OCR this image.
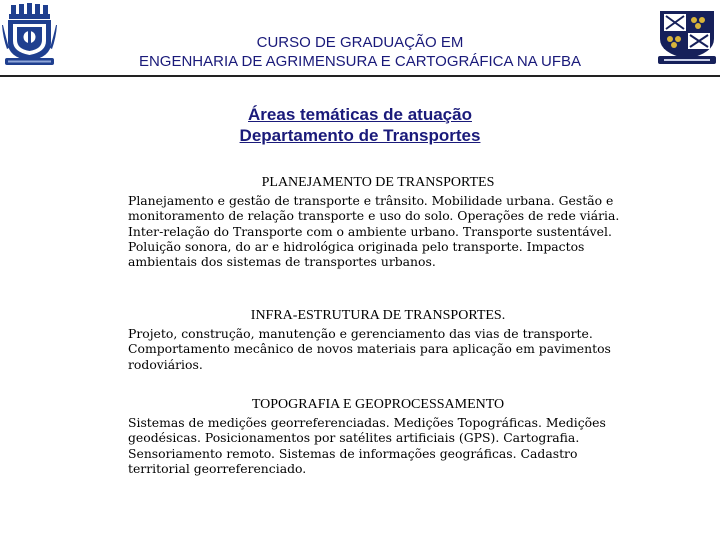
CURSO DE GRADUAÇÃO EM
ENGENHARIA DE AGRIMENSURA E CARTOGRÁFICA NA UFBA
Áreas temáticas de atuação
Departamento de Transportes
PLANEJAMENTO DE TRANSPORTES

Planejamento e gestão de transporte e trânsito. Mobilidade urbana. Gestão e monitoramento de relação transporte e uso do solo. Operações de rede viária. Inter-relação do Transporte com o ambiente urbano. Transporte sustentável. Poluição sonora, do ar e hidrológica originada pelo transporte. Impactos ambientais dos sistemas de transportes urbanos.

INFRA-ESTRUTURA DE TRANSPORTES.

Projeto, construção, manutenção e gerenciamento das vias de transporte. Comportamento mecânico de novos materiais para aplicação em pavimentos rodoviários.

TOPOGRAFIA E GEOPROCESSAMENTO

Sistemas de medições georreferenciadas. Medições Topográficas. Medições geodésicas. Posicionamentos por satélites artificiais (GPS). Cartografia. Sensoriamento remoto. Sistemas de informações geográficas. Cadastro territorial georreferenciado.
